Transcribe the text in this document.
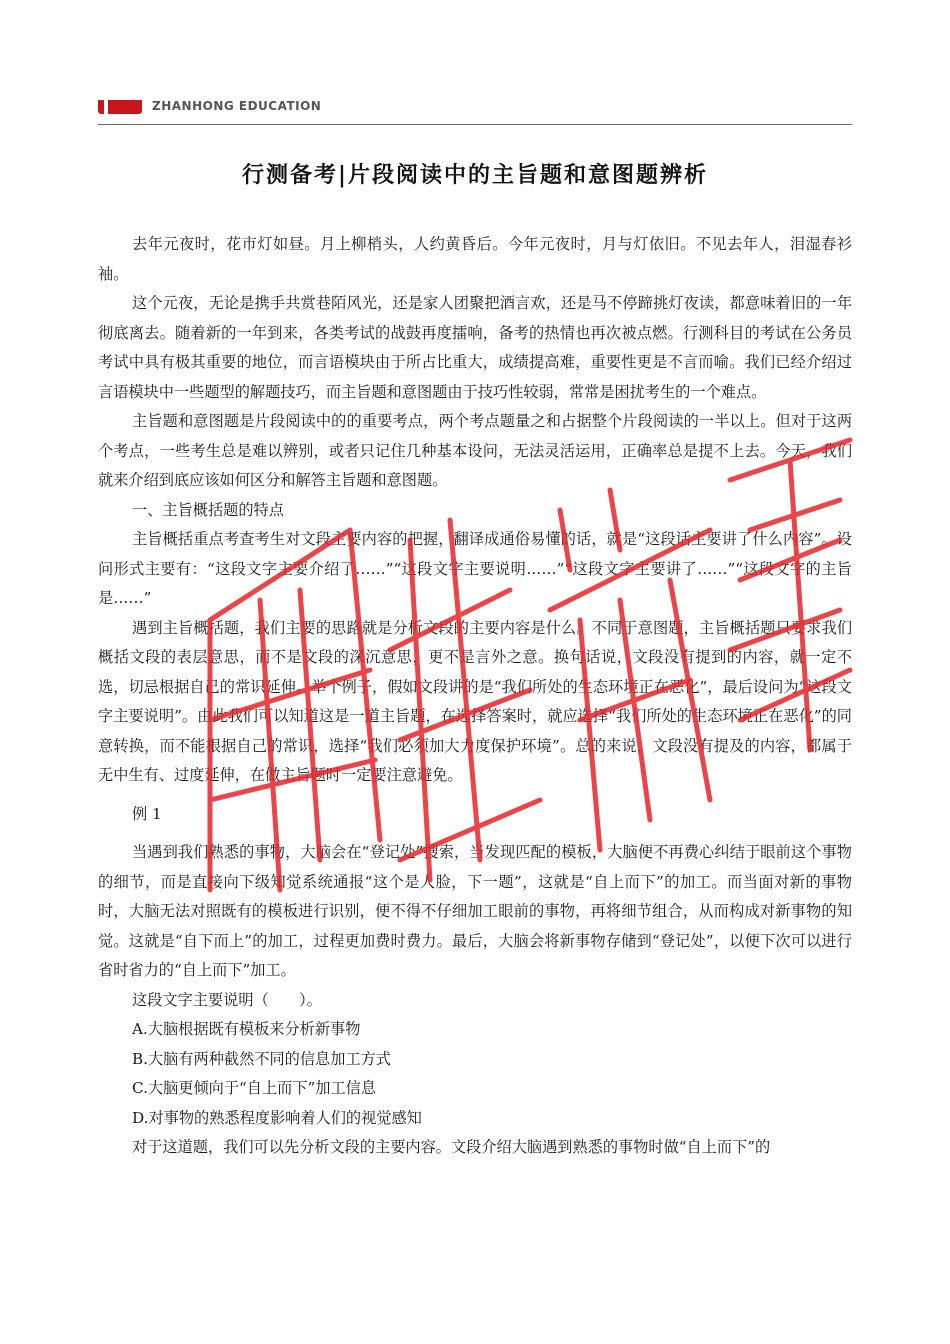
ZHANHONG EDUCATION
行测备考|片段阅读中的主旨题和意图题辨析

去年元夜时，花市灯如昼。月上柳梢头，人约黄昏后。今年元夜时，月与灯依旧。不见去年人，泪湿春衫袖。

这个元夜，无论是携手共赏巷陌风光，还是家人团聚把酒言欢，还是马不停蹄挑灯夜读，都意味着旧的一年彻底离去。随着新的一年到来，各类考试的战鼓再度擂响，备考的热情也再次被点燃。行测科目的考试在公务员考试中具有极其重要的地位，而言语模块由于所占比重大，成绩提高难，重要性更是不言而喻。我们已经介绍过言语模块中一些题型的解题技巧，而主旨题和意图题由于技巧性较弱，常常是困扰考生的一个难点。

主旨题和意图题是片段阅读中的的重要考点，两个考点题量之和占据整个片段阅读的一半以上。但对于这两个考点，一些考生总是难以辨别，或者只记住几种基本设问，无法灵活运用，正确率总是提不上去。今天，我们就来介绍到底应该如何区分和解答主旨题和意图题。

一、主旨概括题的特点

主旨概括重点考查考生对文段主要内容的把握，翻译成通俗易懂的话，就是“这段话主要讲了什么内容”。设问形式主要有：“这段文字主要介绍了……”“这段文字主要说明……”“这段文字主要讲了……”“这段文字的主旨是……”

遇到主旨概括题，我们主要的思路就是分析文段的主要内容是什么。不同于意图题，主旨概括题只要求我们概括文段的表层意思，而不是文段的深沉意思，更不是言外之意。换句话说，文段没有提到的内容，就一定不选，切忌根据自己的常识延伸。举个例子，假如文段讲的是“我们所处的生态环境正在恶化”，最后设问为“这段文字主要说明”。由此我们可以知道这是一道主旨题，在选择答案时，就应选择“我们所处的生态环境正在恶化”的同意转换，而不能根据自己的常识，选择“我们必须加大力度保护环境”。总的来说，文段没有提及的内容，都属于无中生有、过度延伸，在做主旨题时一定要注意避免。

例 1

当遇到我们熟悉的事物，大脑会在“登记处”搜索，当发现匹配的模板，大脑便不再费心纠结于眼前这个事物的细节，而是直接向下级知觉系统通报“这个是人脸，下一题”，这就是“自上而下”的加工。而当面对新的事物时，大脑无法对照既有的模板进行识别，便不得不仔细加工眼前的事物，再将细节组合，从而构成对新事物的知觉。这就是“自下而上”的加工，过程更加费时费力。最后，大脑会将新事物存储到“登记处”，以便下次可以进行省时省力的“自上而下”加工。

这段文字主要说明（　　）。

A.大脑根据既有模板来分析新事物

B.大脑有两种截然不同的信息加工方式

C.大脑更倾向于“自上而下”加工信息

D.对事物的熟悉程度影响着人们的视觉感知

对于这道题，我们可以先分析文段的主要内容。文段介绍大脑遇到熟悉的事物时做“自上而下”的
